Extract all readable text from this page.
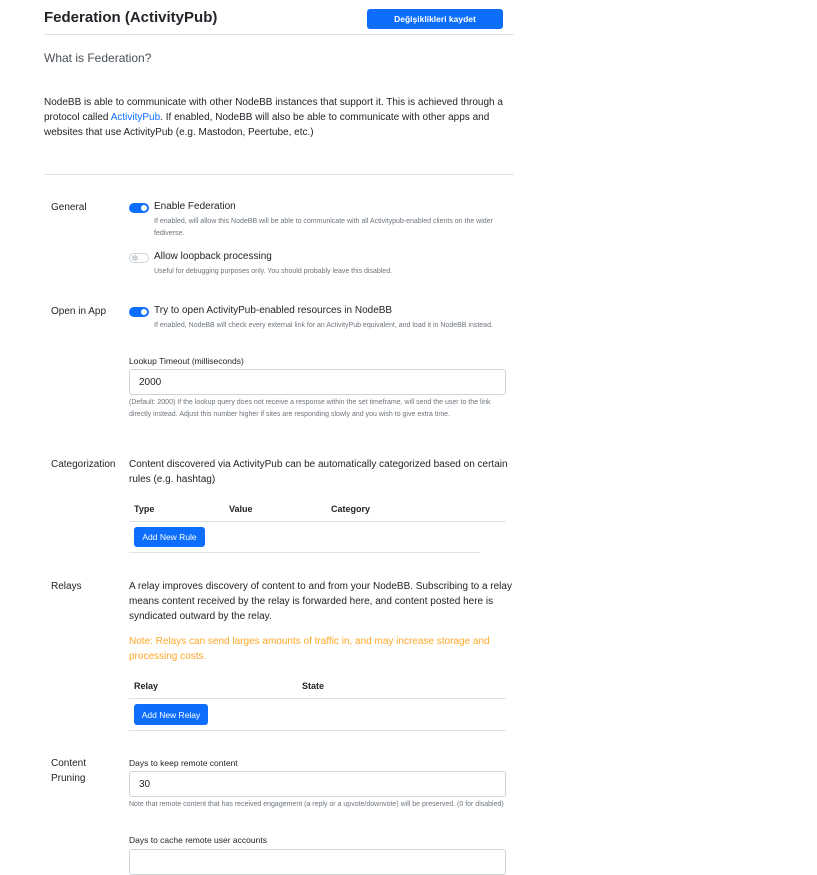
Federation (ActivityPub)	Değişiklikleri kaydet
What is Federation?
NodeBB is able to communicate with other NodeBB instances that support it. This is achieved through a protocol called ActivityPub. If enabled, NodeBB will also be able to communicate with other apps and websites that use ActivityPub (e.g. Mastodon, Peertube, etc.)
General	Enable Federation
If enabled, will allow this NodeBB will be able to communicate with all Activitypub-enabled clients on the wider fediverse.
Allow loopback processing
Useful for debugging purposes only. You should probably leave this disabled.
Open in App	Try to open ActivityPub-enabled resources in NodeBB
If enabled, NodeBB will check every external link for an ActivityPub equivalent, and load it in NodeBB instead.
Lookup Timeout (milliseconds)
2000
(Default: 2000) If the lookup query does not receive a response within the set timeframe, will send the user to the link directly instead. Adjust this number higher if sites are responding slowly and you wish to give extra time.
Categorization Content discovered via ActivityPub can be automatically categorized based on certain rules (e.g. hashtag)
Type	Value	Category
Add New Rule
Relays	A relay improves discovery of content to and from your NodeBB. Subscribing to a relay means content received by the relay is forwarded here, and content posted here is syndicated outward by the relay.
Note: Relays can send larges amounts of traffic in, and may increase storage and processing costs.
Relay	State
Add New Relay
Content Pruning
Days to keep remote content
30
Note that remote content that has received engagement (a reply or a upvote/downvote) will be preserved. (0 for disabled)
Days to cache remote user accounts
